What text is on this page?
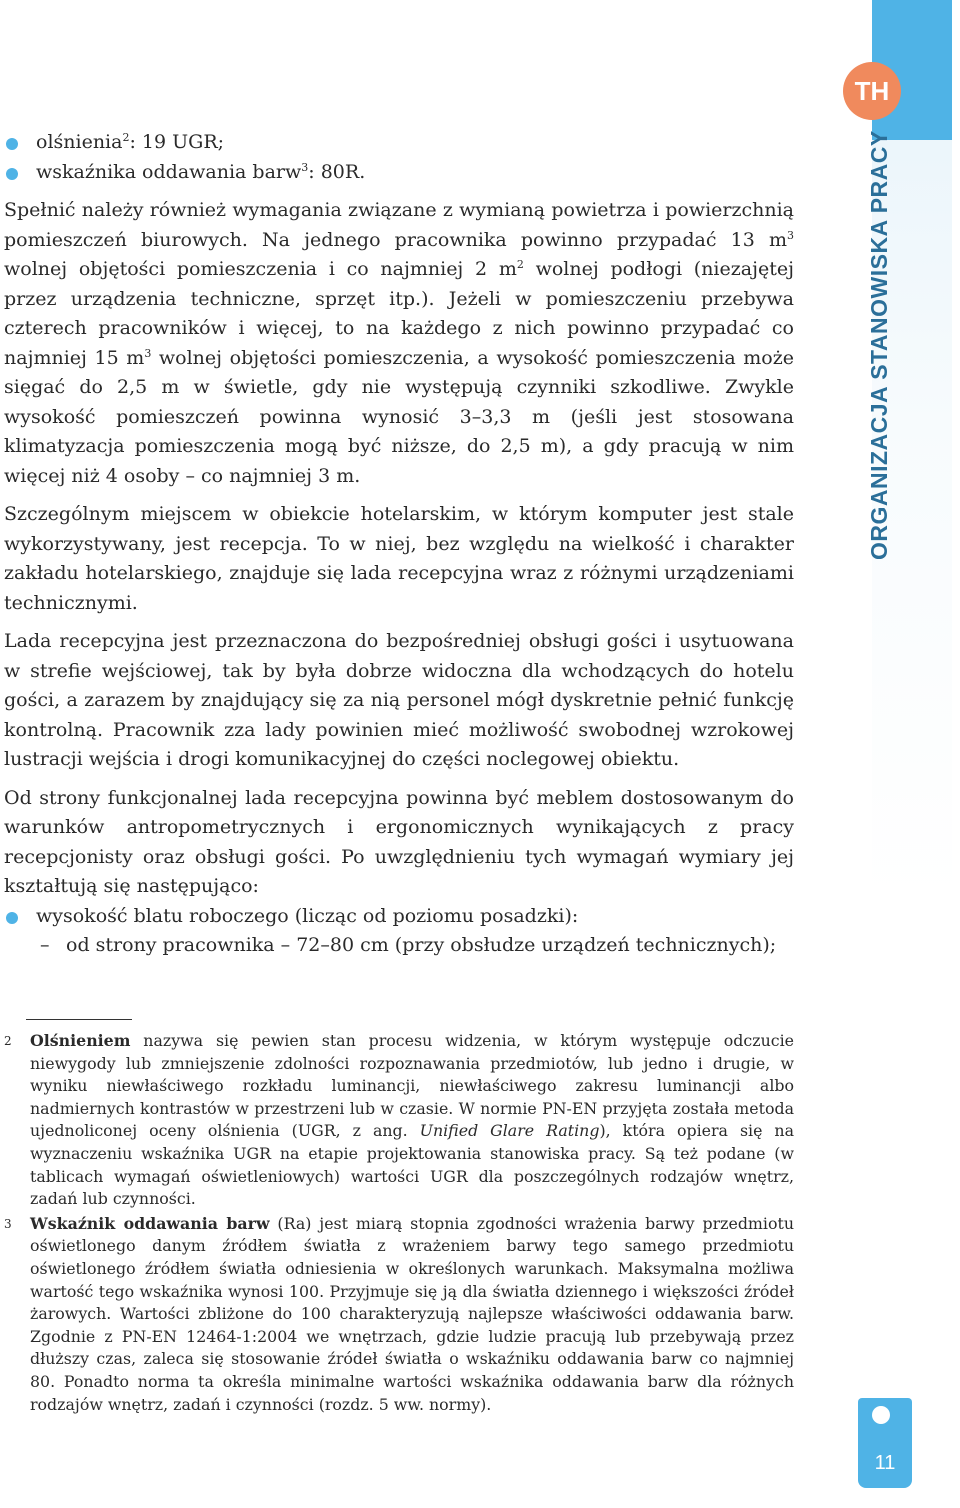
TH
ORGANIZACJA STANOWISKA PRACY
11
olśnienia$^2$: 19 UGR;
wskaźnika oddawania barw$^3$: 80R.

Spełnić należy również wymagania związane z wymianą powietrza i powierzchnią pomieszczeń biurowych. Na jednego pracownika powinno przypadać 13 $m^3$ wolnej objętości pomieszczenia i co najmniej 2 $m^2$ wolnej podłogi (niezajętej przez urządzenia techniczne, sprzęt itp.). Jeżeli w pomieszczeniu przebywa czterech pracowników i więcej, to na każdego z nich powinno przypadać co najmniej 15 $m^3$ wolnej objętości pomieszczenia, a wysokość pomieszczenia może sięgać do 2,5 m w świetle, gdy nie występują czynniki szkodliwe. Zwykle wysokość pomieszczeń powinna wynosić 3–3,3 m (jeśli jest stosowana klimatyzacja pomieszczenia mogą być niższe, do 2,5 m), a gdy pracują w nim więcej niż 4 osoby – co najmniej 3 m.

Szczególnym miejscem w obiekcie hotelarskim, w którym komputer jest stale wykorzystywany, jest recepcja. To w niej, bez względu na wielkość i charakter zakładu hotelarskiego, znajduje się lada recepcyjna wraz z różnymi urządzeniami technicznymi.

Lada recepcyjna jest przeznaczona do bezpośredniej obsługi gości i usytuowana w strefie wejściowej, tak by była dobrze widoczna dla wchodzących do hotelu gości, a zarazem by znajdujący się za nią personel mógł dyskretnie pełnić funkcję kontrolną. Pracownik zza lady powinien mieć możliwość swobodnej wzrokowej lustracji wejścia i drogi komunikacyjnej do części noclegowej obiektu.

Od strony funkcjonalnej lada recepcyjna powinna być meblem dostosowanym do warunków antropometrycznych i ergonomicznych wynikających z pracy recepcjonisty oraz obsługi gości. Po uwzględnieniu tych wymagań wymiary jej kształtują się następująco:

wysokość blatu roboczego (licząc od poziomu posadzki):
– od strony pracownika – 72–80 cm (przy obsłudze urządzeń technicznych);
2 Olśnieniem nazywa się pewien stan procesu widzenia, w którym występuje odczucie niewygody lub zmniejszenie zdolności rozpoznawania przedmiotów, lub jedno i drugie, w wyniku niewłaściwego rozkładu luminancji, niewłaściwego zakresu luminancji albo nadmiernych kontrastów w przestrzeni lub w czasie. W normie PN-EN przyjęta została metoda ujednoliconej oceny olśnienia (UGR, z ang. Unified Glare Rating), która opiera się na wyznaczeniu wskaźnika UGR na etapie projektowania stanowiska pracy. Są też podane (w tablicach wymagań oświetleniowych) wartości UGR dla poszczególnych rodzajów wnętrz, zadań lub czynności.
3 Wskaźnik oddawania barw (Ra) jest miarą stopnia zgodności wrażenia barwy przedmiotu oświetlonego danym źródłem światła z wrażeniem barwy tego samego przedmiotu oświetlonego źródłem światła odniesienia w określonych warunkach. Maksymalna możliwa wartość tego wskaźnika wynosi 100. Przyjmuje się ją dla światła dziennego i większości źródeł żarowych. Wartości zbliżone do 100 charakteryzują najlepsze właściwości oddawania barw. Zgodnie z PN-EN 12464-1:2004 we wnętrzach, gdzie ludzie pracują lub przebywają przez dłuższy czas, zaleca się stosowanie źródeł światła o wskaźniku oddawania barw co najmniej 80. Ponadto norma ta określa minimalne wartości wskaźnika oddawania barw dla różnych rodzajów wnętrz, zadań i czynności (rozdz. 5 ww. normy).
